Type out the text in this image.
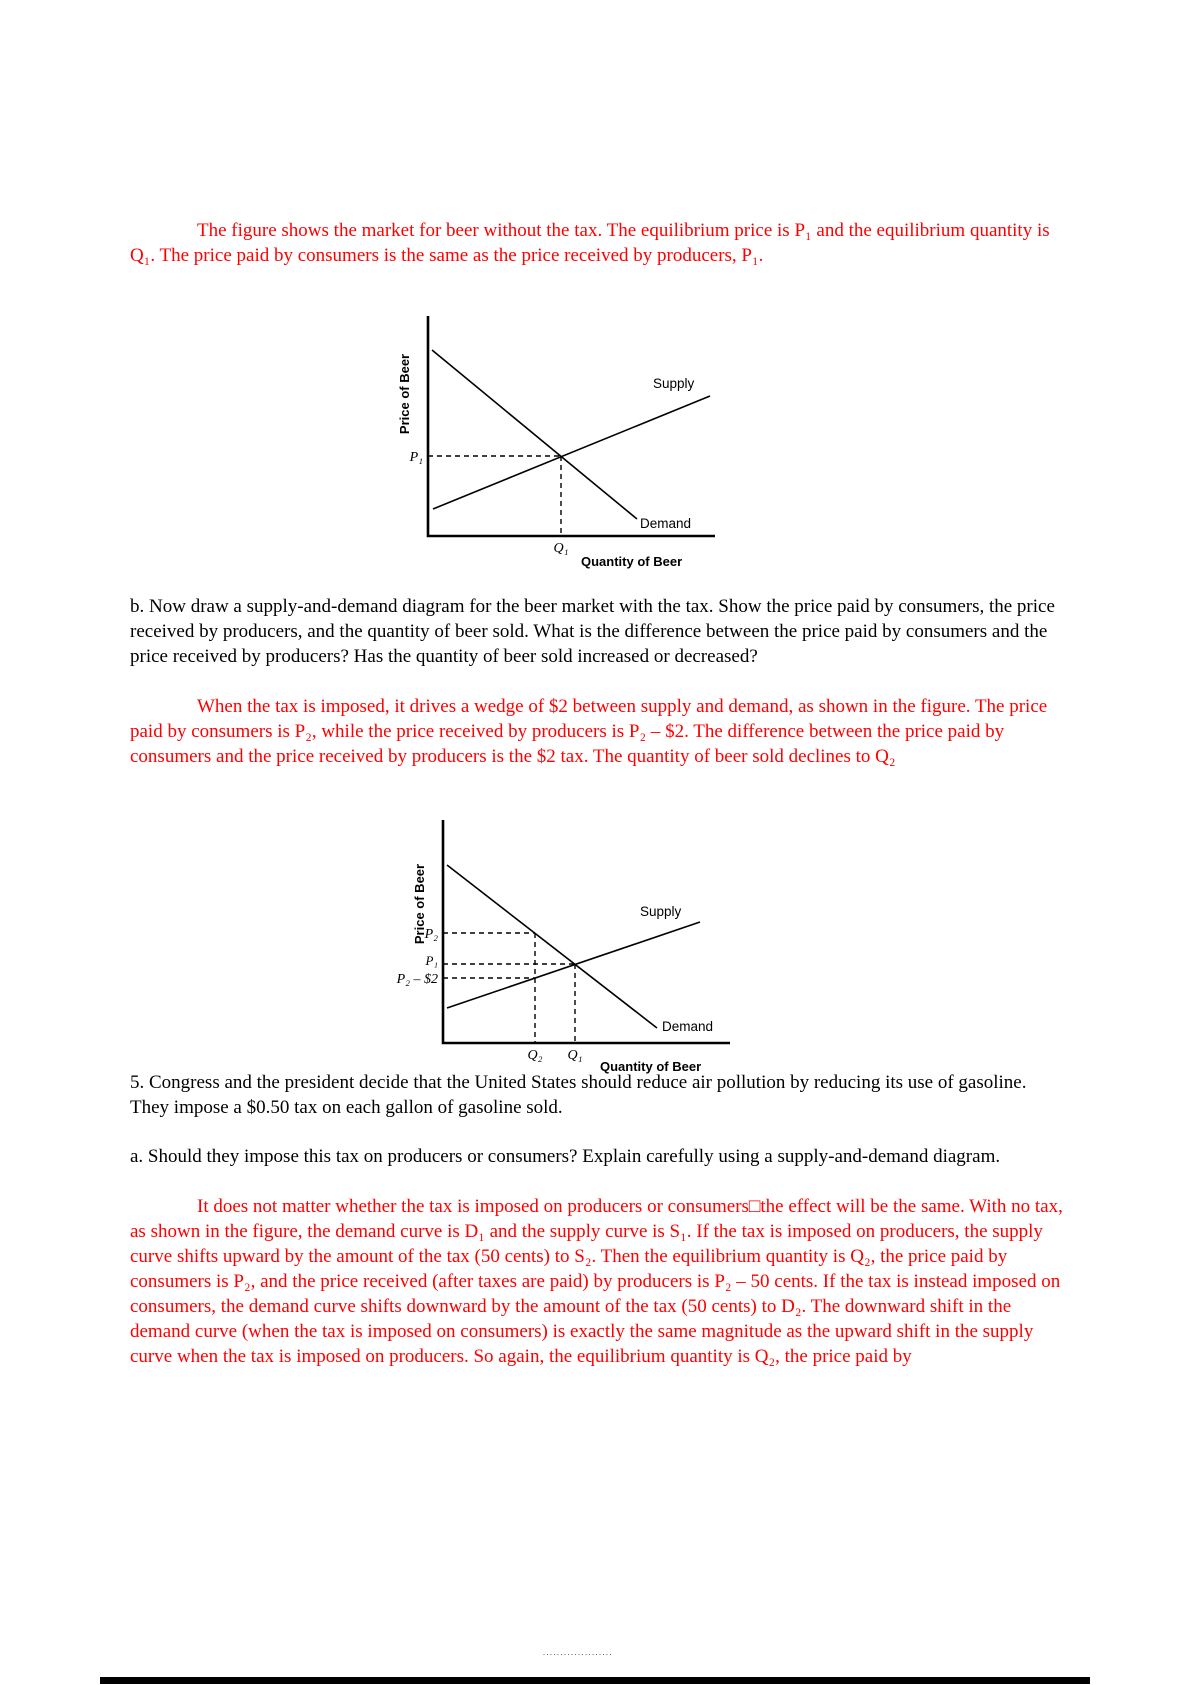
The figure shows the market for beer without the tax. The equilibrium price is P₁ and the equilibrium quantity is Q₁. The price paid by consumers is the same as the price received by producers, P₁.

Price of Beer	Supply
Demand
P₁
Q₁
Quantity of Beer

b. Now draw a supply-and-demand diagram for the beer market with the tax. Show the price paid by consumers, the price received by producers, and the quantity of beer sold. What is the difference between the price paid by consumers and the price received by producers? Has the quantity of beer sold increased or decreased?

When the tax is imposed, it drives a wedge of $2 between supply and demand, as shown in the figure. The price paid by consumers is P₂, while the price received by producers is P₂ – $2. The difference between the price paid by consumers and the price received by producers is the $2 tax. The quantity of beer sold declines to Q₂

Price of Beer	Supply
Demand
P₂
P₁
P₂ – $2
Q₂ Q₁
Quantity of Beer

5. Congress and the president decide that the United States should reduce air pollution by reducing its use of gasoline. They impose a $0.50 tax on each gallon of gasoline sold.

a. Should they impose this tax on producers or consumers? Explain carefully using a supply-and-demand diagram.

It does not matter whether the tax is imposed on producers or consumers□the effect will be the same. With no tax, as shown in the figure, the demand curve is D₁ and the supply curve is S₁. If the tax is imposed on producers, the supply curve shifts upward by the amount of the tax (50 cents) to S₂. Then the equilibrium quantity is Q₂, the price paid by consumers is P₂, and the price received (after taxes are paid) by producers is P₂ – 50 cents. If the tax is instead imposed on consumers, the demand curve shifts downward by the amount of the tax (50 cents) to D₂. The downward shift in the demand curve (when the tax is imposed on consumers) is exactly the same magnitude as the upward shift in the supply curve when the tax is imposed on producers. So again, the equilibrium quantity is Q₂, the price paid by

....................
